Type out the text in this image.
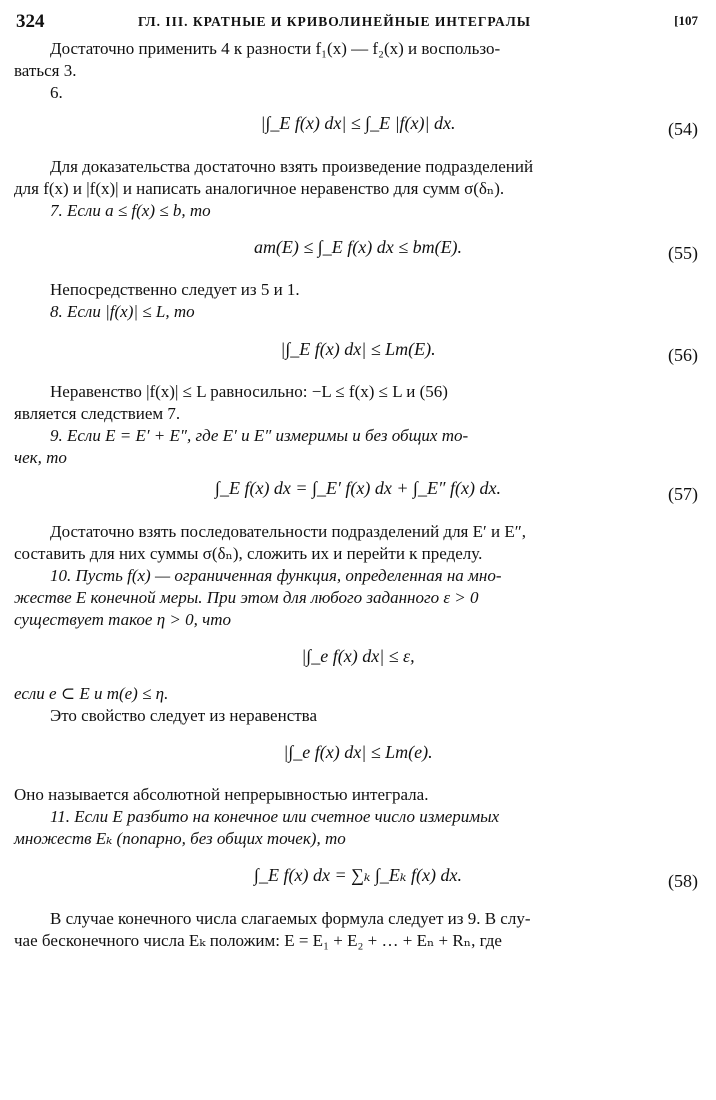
324	ГЛ. III. КРАТНЫЕ И КРИВОЛИНЕЙНЫЕ ИНТЕГРАЛЫ	[107

Достаточно применить 4 к разности f₁(x) — f₂(x) и воспользо-

ваться 3.

6.

|∫_E f(x) dx| ≤ ∫_E |f(x)| dx.	(54)

Для доказательства достаточно взять произведение подразделений

для f(x) и |f(x)| и написать аналогичное неравенство для сумм σ(δₙ).

7. Если a ≤ f(x) ≤ b, то

am(E) ≤ ∫_E f(x) dx ≤ bm(E).	(55)

Непосредственно следует из 5 и 1.

8. Если |f(x)| ≤ L, то

|∫_E f(x) dx| ≤ Lm(E).	(56)

Неравенство |f(x)| ≤ L равносильно: −L ≤ f(x) ≤ L и (56)

является следствием 7.

9. Если E = E′ + E″, где E′ и E″ измеримы и без общих то-

чек, то

∫_E f(x) dx = ∫_E′ f(x) dx + ∫_E″ f(x) dx.	(57)

Достаточно взять последовательности подразделений для E′ и E″,

составить для них суммы σ(δₙ), сложить их и перейти к пределу.

10. Пусть f(x) — ограниченная функция, определенная на мно-

жестве E конечной меры. При этом для любого заданного ε > 0

существует такое η > 0, что

|∫_e f(x) dx| ≤ ε,

если e ⊂ E и m(e) ≤ η.

Это свойство следует из неравенства

|∫_e f(x) dx| ≤ Lm(e).

Оно называется абсолютной непрерывностью интеграла.

11. Если E разбито на конечное или счетное число измеримых

множеств Eₖ (попарно, без общих точек), то

∫_E f(x) dx = ∑ₖ ∫_Eₖ f(x) dx.	(58)

В случае конечного числа слагаемых формула следует из 9. В слу-

чае бесконечного числа Eₖ положим: E = E₁ + E₂ + … + Eₙ + Rₙ, где
